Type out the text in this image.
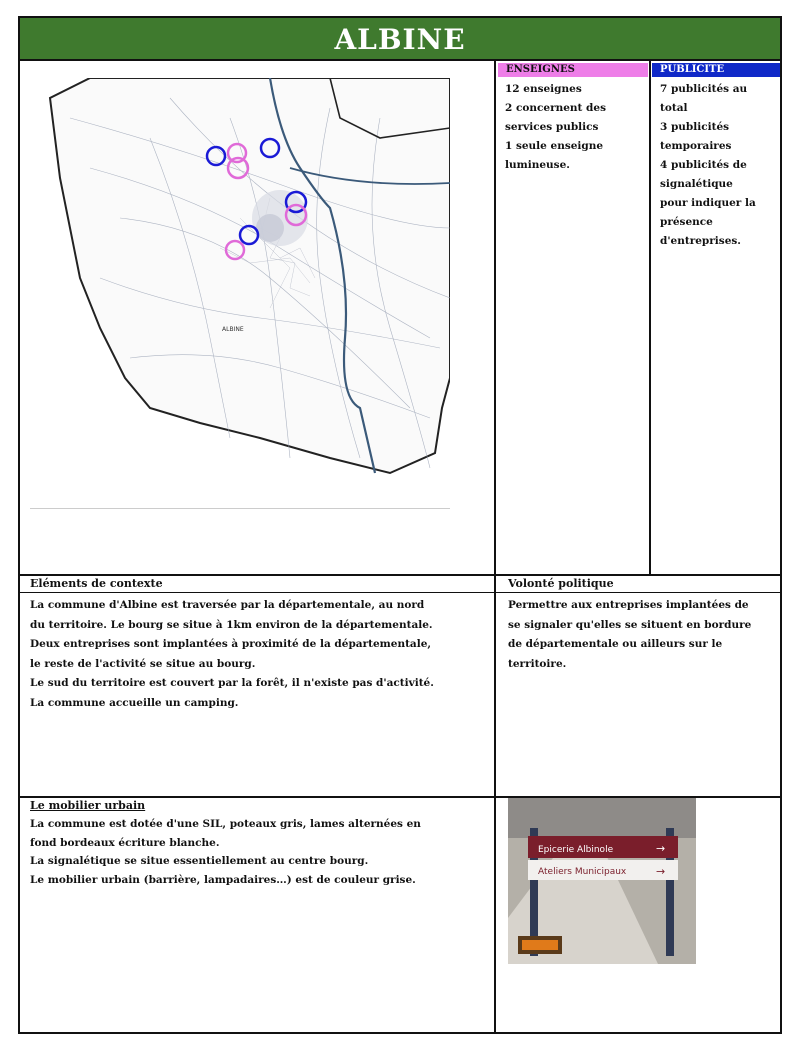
ALBINE
ALBINE
ENSEIGNES
12 enseignes
2 concernent des
services publics
1 seule enseigne
lumineuse.
PUBLICITE
7 publicités au
total
3 publicités
temporaires
4 publicités de
signalétique
pour indiquer la
présence
d'entreprises.
Eléments de contexte
La commune d'Albine est traversée par la départementale, au nord
du territoire. Le bourg se situe à 1km environ de la départementale.
Deux entreprises sont implantées à proximité de la départementale,
le reste de l'activité se situe au bourg.
Le sud du territoire est couvert par la forêt, il n'existe pas d'activité.
La commune accueille un camping.
Volonté politique
Permettre aux entreprises implantées de
se signaler qu'elles se situent en bordure
de départementale ou ailleurs sur le
territoire.
Le mobilier urbain
La commune est dotée d'une SIL, poteaux gris, lames alternées en
fond bordeaux écriture blanche.
La signalétique se situe essentiellement au centre bourg.
Le mobilier urbain (barrière, lampadaires…) est de couleur grise.
Epicerie Albinole	→
Ateliers Municipaux	→
